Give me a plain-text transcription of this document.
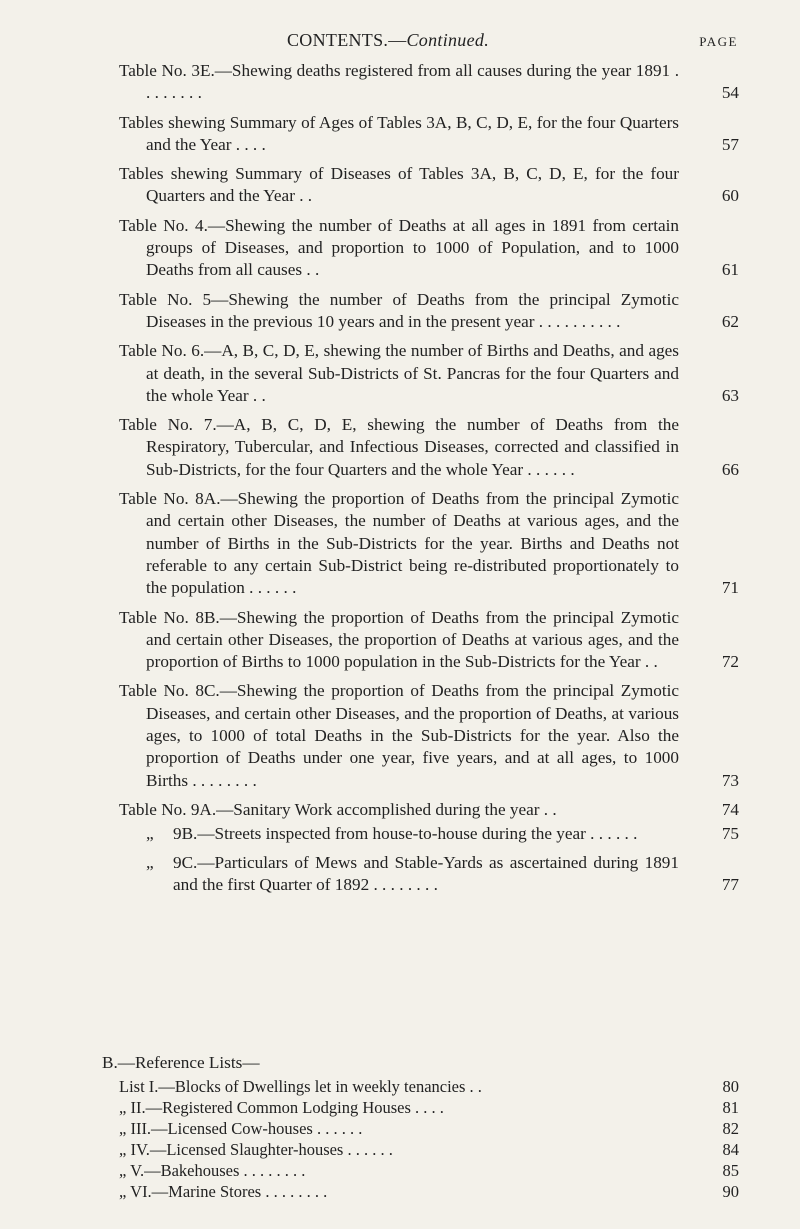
CONTENTS.—Continued.	PAGE
Table No. 3E.—Shewing deaths registered from all causes during the year 1891 . . . . . . . .	54
Tables shewing Summary of Ages of Tables 3A, B, C, D, E, for the four Quarters and the Year . . . .	57
Tables shewing Summary of Diseases of Tables 3A, B, C, D, E, for the four Quarters and the Year . .	60
Table No. 4.—Shewing the number of Deaths at all ages in 1891 from certain groups of Diseases, and proportion to 1000 of Population, and to 1000 Deaths from all causes . .	61
Table No. 5—Shewing the number of Deaths from the principal Zymotic Diseases in the previous 10 years and in the present year . . . . . . . . . .	62
Table No. 6.—A, B, C, D, E, shewing the number of Births and Deaths, and ages at death, in the several Sub-Districts of St. Pancras for the four Quarters and the whole Year . .	63
Table No. 7.—A, B, C, D, E, shewing the number of Deaths from the Respiratory, Tubercular, and Infectious Diseases, corrected and classified in Sub-Districts, for the four Quarters and the whole Year . . . . . .	66
Table No. 8A.—Shewing the proportion of Deaths from the principal Zymotic and certain other Diseases, the number of Deaths at various ages, and the number of Births in the Sub-Districts for the year. Births and Deaths not referable to any certain Sub-District being re-distributed proportionately to the population . . . . . .	71
Table No. 8B.—Shewing the proportion of Deaths from the principal Zymotic and certain other Diseases, the proportion of Deaths at various ages, and the proportion of Births to 1000 population in the Sub-Districts for the Year . .	72
Table No. 8C.—Shewing the proportion of Deaths from the principal Zymotic Diseases, and certain other Diseases, and the proportion of Deaths, at various ages, to 1000 of total Deaths in the Sub-Districts for the year. Also the proportion of Deaths under one year, five years, and at all ages, to 1000 Births . . . . . . . .	73
Table No. 9A.—Sanitary Work accomplished during the year . .	74
„ 9B.—Streets inspected from house-to-house during the year . . . . . .	75
„ 9C.—Particulars of Mews and Stable-Yards as ascertained during 1891 and the first Quarter of 1892 . . . . . . . .	77
B.—Reference Lists—
List I.—Blocks of Dwellings let in weekly tenancies . .	80
„ II.—Registered Common Lodging Houses . . . .	81
„ III.—Licensed Cow-houses . . . . . .	82
„ IV.—Licensed Slaughter-houses . . . . . .	84
„ V.—Bakehouses . . . . . . . .	85
„ VI.—Marine Stores . . . . . . . .	90
